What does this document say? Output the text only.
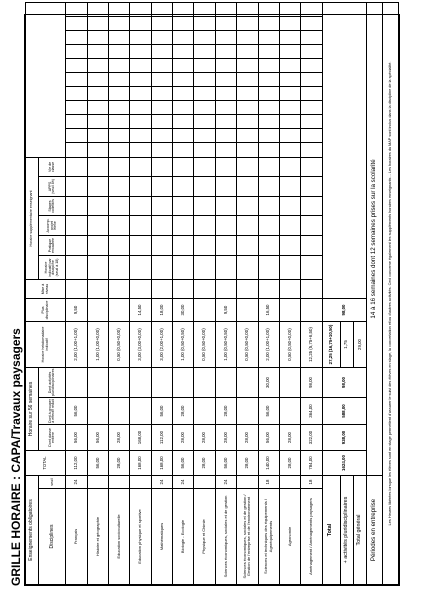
GRILLE HORAIRE : CAPA/Travaux paysagers Enseignements obligatoires		TOTAL	Horaire sur 56 semaines			Horaire hebdomadaire indicatif	Plus disciplinaire	Mise à niveau	Horaire supplémentaire enseignant																
Disciplines	seuil		Dont classe entière	Dont à grouper à effectif réduit	Dont activités pluridisciplinaires				Horaire indicatif par discipline (seuil à 18)	Pratique encadrée	Accomp. projet élève	Stages collectifs	APPS (seuil 8h)	Vie de classe											

Français	24	112,00	56,00	56,00		2,00 (1,00+1,00)	9,50																		
Histoire et géographie		56,00	56,00			1,00 (1,00+0,00)																			
Education socioculturelle		28,00	28,00			0,50 (0,50+0,00)																			
Education physique et sportive		168,00	168,00			3,00 (3,00+0,00)	14,50																		
Mathématiques	24	168,00	112,00	56,00		3,00 (2,00+1,00)	18,00																		
Biologie - Ecologie	24	56,00	28,00	28,00		1,00 (0,50+0,50)	30,00																		
Physique et Chimie		28,00	28,00			0,50 (0,50+0,00)																			
Sciences économiques, sociales et de gestion	24	56,00	28,00	28,00		1,00 (0,50+0,50)	9,50																		
Sciences économiques, sociales et de gestion / Gestion de l'entreprise et de l'environnement		28,00	28,00			0,50 (0,50+0,00)																			
Sciences et techniques des équipements / Agroéquipements	18	140,00	56,00	56,00	30,00	2,00 (1,00+1,00)	16,50																		
Agronomie		28,00	28,00			0,50 (0,50+0,00)																			
Aménagement / Aménagements paysagers	18	784,00	322,00	364,00	98,00	12,25 (5,75+6,50)																			
Total		1624,00	938,00	588,00	98,00	27,25 (16,75+10,50)	98,00																		
+ activités pluridisciplinaires						1,75																			
Total général						29,00																			
Périodes en entreprise		14 à 16 semaines dont 12 semaines prises sur la scolarité																							
Les Heures libérées lorsque les élèves sont en stage permettent d'assurer le suivi des élèves en stage, la concertation et/ou d'autres activités. Ceci concerne également les suppléments horaires enseignants. - Les horaires du MAP sont inclus dans la discipline de la spécialité.																									
